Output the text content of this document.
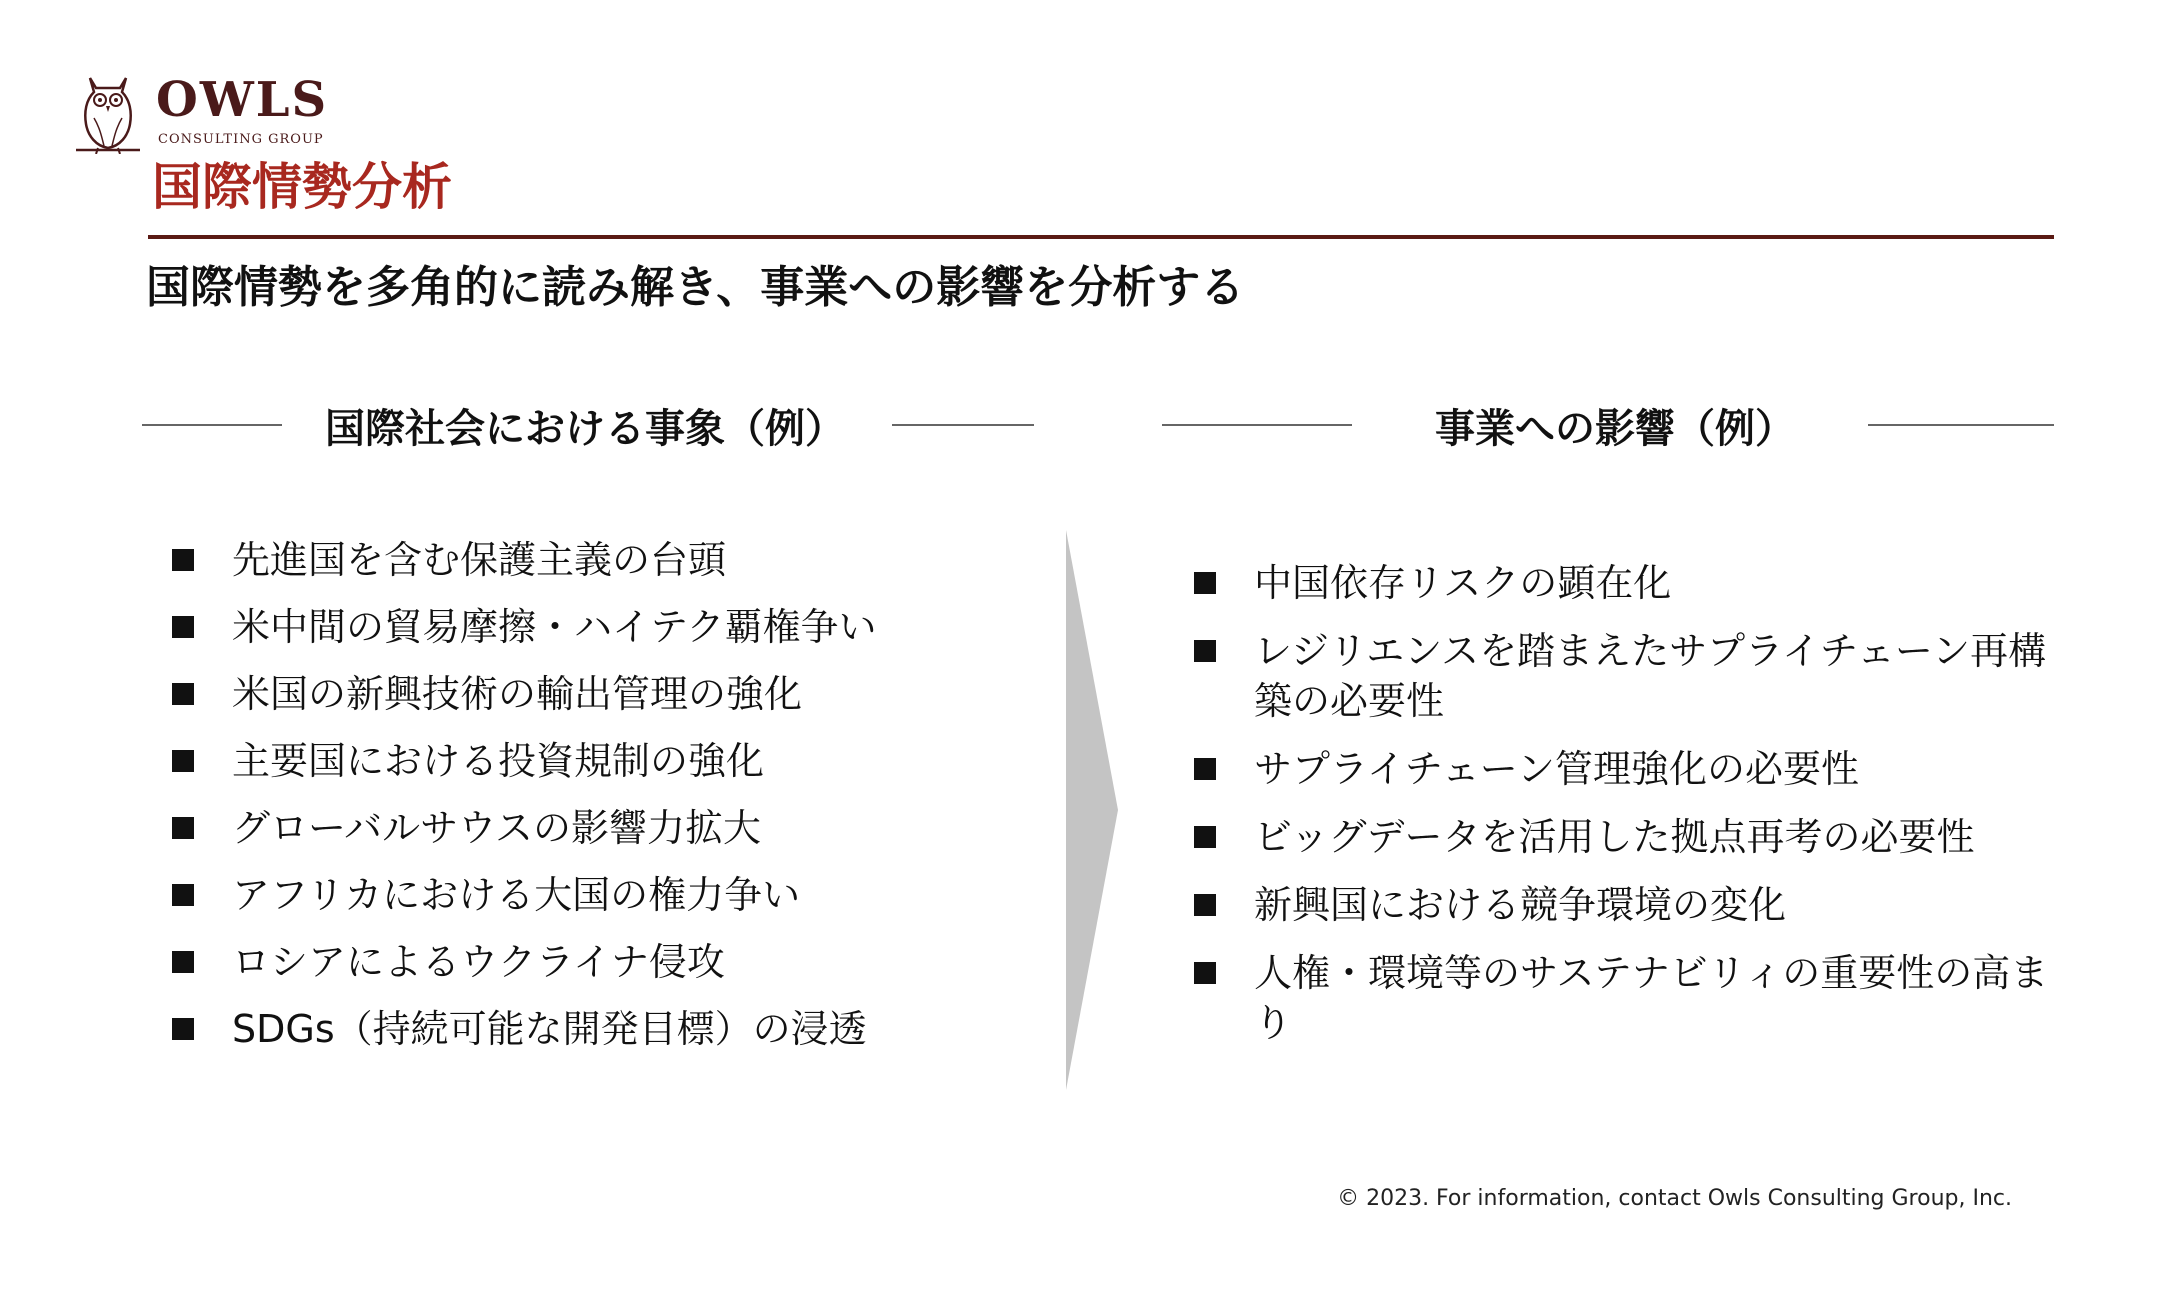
OWLS
CONSULTING GROUP
国際情勢分析
国際情勢を多角的に読み解き、事業への影響を分析する
国際社会における事象（例）	事業への影響（例）
先進国を含む保護主義の台頭
米中間の貿易摩擦・ハイテク覇権争い
米国の新興技術の輸出管理の強化
主要国における投資規制の強化
グローバルサウスの影響力拡大
アフリカにおける大国の権力争い
ロシアによるウクライナ侵攻
SDGs（持続可能な開発目標）の浸透
中国依存リスクの顕在化
レジリエンスを踏まえたサプライチェーン再構築の必要性
サプライチェーン管理強化の必要性
ビッグデータを活用した拠点再考の必要性
新興国における競争環境の変化
人権・環境等のサステナビリィの重要性の高まり
© 2023. For information, contact Owls Consulting Group, Inc.
